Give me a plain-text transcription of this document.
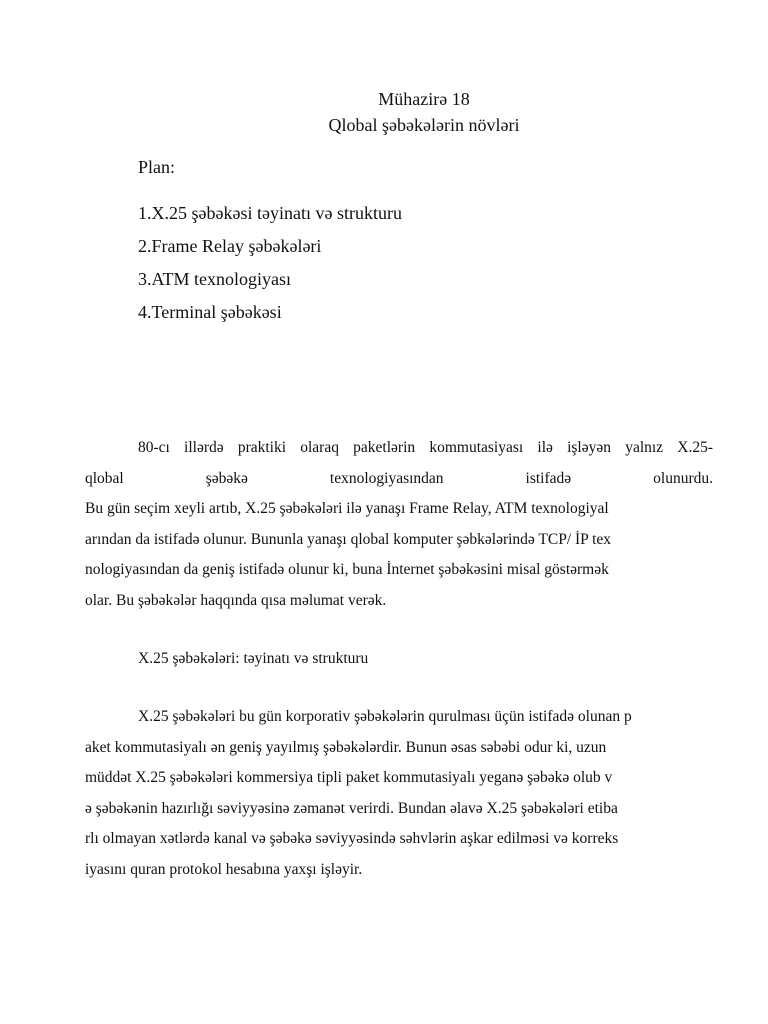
Mühazirə 18
Qlobal şəbəkələrin növləri
Plan:
1.X.25 şəbəkəsi təyinatı və strukturu
2.Frame Relay şəbəkələri
3.ATM texnologiyası
4.Terminal şəbəkəsi
80-cı illərdə praktiki olaraq paketlərin kommutasiyası ilə işləyən yalnız X.25-
qlobal şəbəkə texnologiyasından istifadə olunurdu.
Bu gün seçim xeyli artıb, X.25 şəbəkələri ilə yanaşı Frame Relay, ATM texnologiyal
arından da istifadə olunur. Bununla yanaşı qlobal komputer şəbkələrində TCP/ İP tex
nologiyasından da geniş istifadə olunur ki, buna İnternet şəbəkəsini misal göstərmək
olar. Bu şəbəkələr haqqında qısa məlumat verək.
X.25 şəbəkələri: təyinatı və strukturu
X.25 şəbəkələri bu gün korporativ şəbəkələrin qurulması üçün istifadə olunan p
aket kommutasiyalı ən geniş yayılmış şəbəkələrdir. Bunun əsas səbəbi odur ki, uzun
müddət X.25 şəbəkələri kommersiya tipli paket kommutasiyalı yeganə şəbəkə olub v
ə şəbəkənin hazırlığı səviyyəsinə zəmanət verirdi. Bundan əlavə X.25 şəbəkələri etiba
rlı olmayan xətlərdə kanal və şəbəkə səviyyəsində səhvlərin aşkar edilməsi və korreks
iyasını quran protokol hesabına yaxşı işləyir.
